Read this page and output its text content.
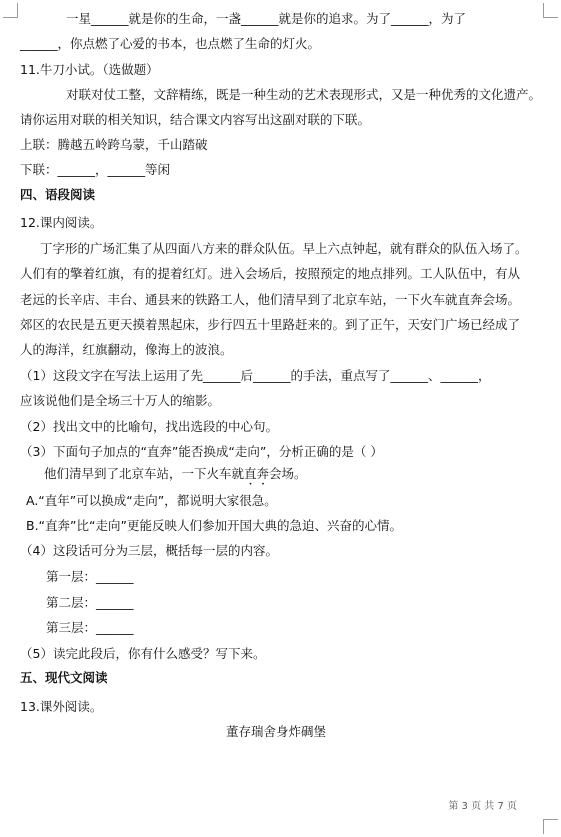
一星______就是你的生命，一盏______就是你的追求。为了______，为了
______，你点燃了心爱的书本，也点燃了生命的灯火。
11.牛刀小试。（选做题）
对联对仗工整，文辞精练，既是一种生动的艺术表现形式，又是一种优秀的文化遗产。
请你运用对联的相关知识，结合课文内容写出这副对联的下联。
上联：腾越五岭跨乌蒙，千山踏破
下联：______，______等闲
四、语段阅读
12.课内阅读。
丁字形的广场汇集了从四面八方来的群众队伍。早上六点钟起，就有群众的队伍入场了。
人们有的擎着红旗，有的提着红灯。进入会场后，按照预定的地点排列。工人队伍中，有从
老远的长辛店、丰台、通县来的铁路工人，他们清早到了北京车站，一下火车就直奔会场。
郊区的农民是五更天摸着黑起床，步行四五十里路赶来的。到了正午，天安门广场已经成了
人的海洋，红旗翻动，像海上的波浪。
（1）这段文字在写法上运用了先______后______的手法，重点写了______、______，
应该说他们是全场三十万人的缩影。
（2）找出文中的比喻句，找出选段的中心句。
（3）下面句子加点的“直奔”能否换成“走向”，分析正确的是（ ）
他们清早到了北京车站，一下火车就直奔会场。
A.“直年”可以换成“走向”，都说明大家很急。
B.“直奔”比“走向”更能反映人们参加开国大典的急迫、兴奋的心情。
（4）这段话可分为三层，概括每一层的内容。
第一层：______
第二层：______
第三层：______
（5）读完此段后，你有什么感受？写下来。
五、现代文阅读
13.课外阅读。
董存瑞舍身炸碉堡
第 3 页 共 7 页
